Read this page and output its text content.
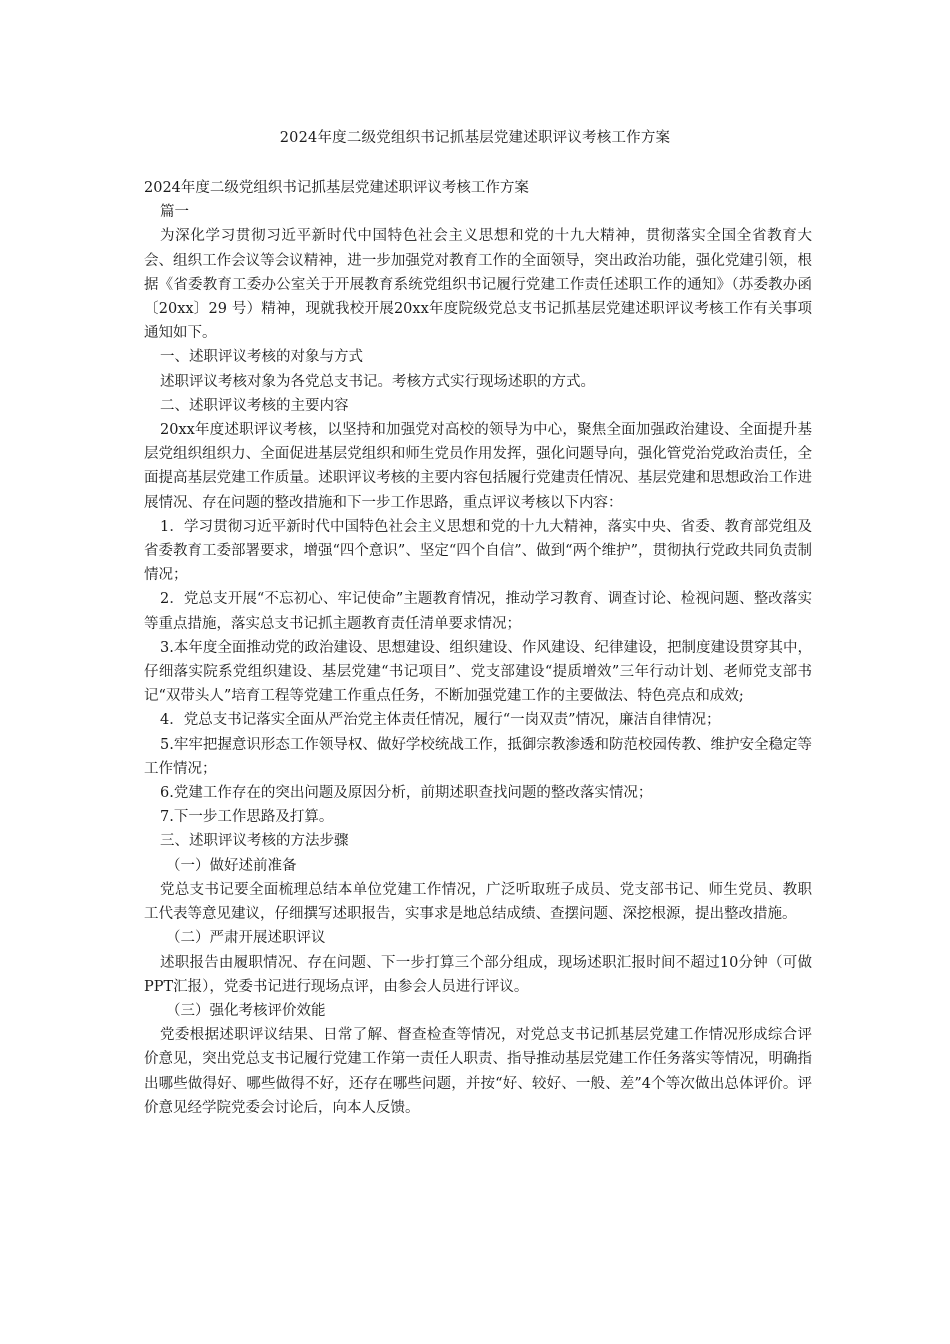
2024年度二级党组织书记抓基层党建述职评议考核工作方案

2024年度二级党组织书记抓基层党建述职评议考核工作方案

篇一

为深化学习贯彻习近平新时代中国特色社会主义思想和党的十九大精神，贯彻落实全国全省教育大会、组织工作会议等会议精神，进一步加强党对教育工作的全面领导，突出政治功能，强化党建引领，根据《省委教育工委办公室关于开展教育系统党组织书记履行党建工作责任述职工作的通知》（苏委教办函〔20xx〕29 号）精神，现就我校开展20xx年度院级党总支书记抓基层党建述职评议考核工作有关事项通知如下。

一、述职评议考核的对象与方式

述职评议考核对象为各党总支书记。考核方式实行现场述职的方式。

二、述职评议考核的主要内容

20xx年度述职评议考核，以坚持和加强党对高校的领导为中心，聚焦全面加强政治建设、全面提升基层党组织组织力、全面促进基层党组织和师生党员作用发挥，强化问题导向，强化管党治党政治责任，全面提高基层党建工作质量。述职评议考核的主要内容包括履行党建责任情况、基层党建和思想政治工作进展情况、存在问题的整改措施和下一步工作思路，重点评议考核以下内容：

1．学习贯彻习近平新时代中国特色社会主义思想和党的十九大精神，落实中央、省委、教育部党组及省委教育工委部署要求，增强“四个意识”、坚定“四个自信”、做到“两个维护”，贯彻执行党政共同负责制情况；

2．党总支开展“不忘初心、牢记使命”主题教育情况，推动学习教育、调查讨论、检视问题、整改落实等重点措施，落实总支书记抓主题教育责任清单要求情况；

3.本年度全面推动党的政治建设、思想建设、组织建设、作风建设、纪律建设，把制度建设贯穿其中，仔细落实院系党组织建设、基层党建“书记项目”、党支部建设“提质增效”三年行动计划、老师党支部书记“双带头人”培育工程等党建工作重点任务，不断加强党建工作的主要做法、特色亮点和成效;

4．党总支书记落实全面从严治党主体责任情况，履行“一岗双责”情况，廉洁自律情况；

5.牢牢把握意识形态工作领导权、做好学校统战工作，抵御宗教渗透和防范校园传教、维护安全稳定等工作情况；

6.党建工作存在的突出问题及原因分析，前期述职查找问题的整改落实情况；

7.下一步工作思路及打算。

三、述职评议考核的方法步骤

（一）做好述前准备

党总支书记要全面梳理总结本单位党建工作情况，广泛听取班子成员、党支部书记、师生党员、教职工代表等意见建议，仔细撰写述职报告，实事求是地总结成绩、查摆问题、深挖根源，提出整改措施。

（二）严肃开展述职评议

述职报告由履职情况、存在问题、下一步打算三个部分组成，现场述职汇报时间不超过10分钟（可做PPT汇报），党委书记进行现场点评，由参会人员进行评议。

（三）强化考核评价效能

党委根据述职评议结果、日常了解、督查检查等情况，对党总支书记抓基层党建工作情况形成综合评价意见，突出党总支书记履行党建工作第一责任人职责、指导推动基层党建工作任务落实等情况，明确指出哪些做得好、哪些做得不好，还存在哪些问题，并按“好、较好、一般、差”4个等次做出总体评价。评价意见经学院党委会讨论后，向本人反馈。
